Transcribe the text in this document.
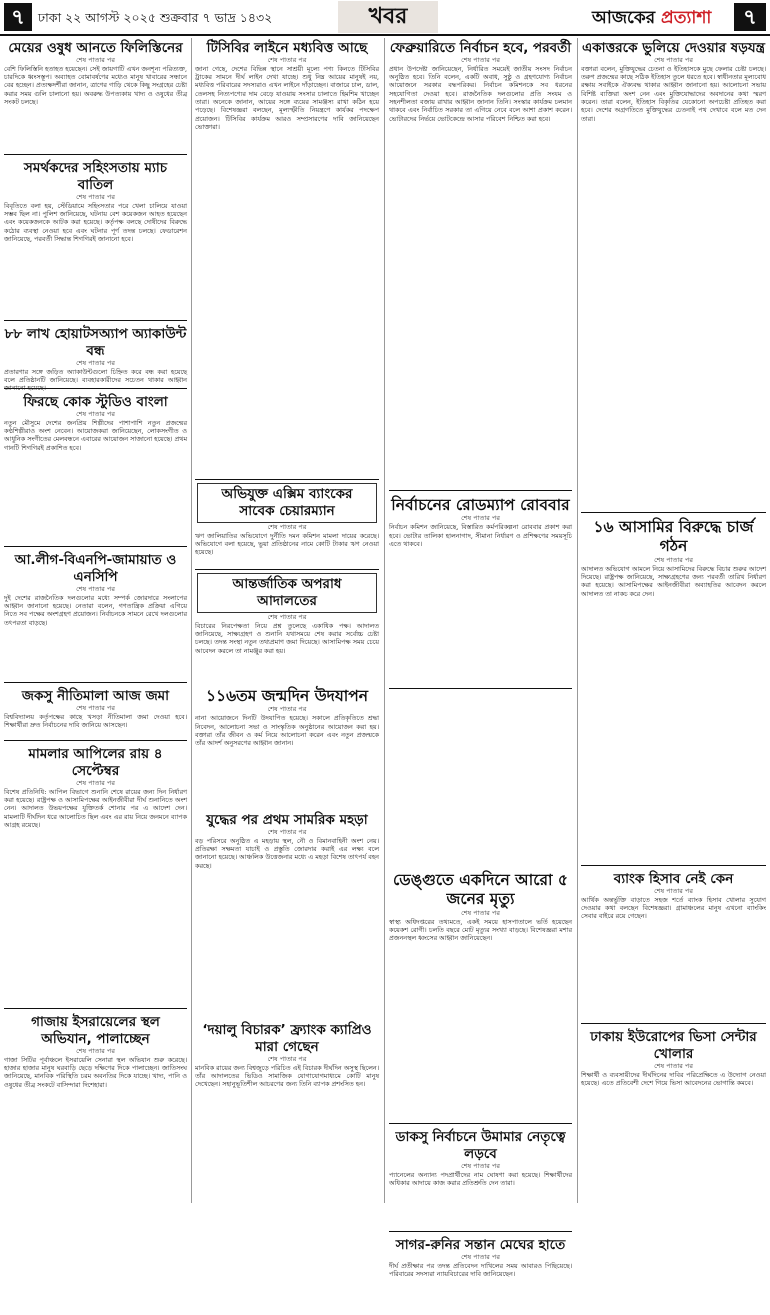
৭	ঢাকা ২২ আগস্ট ২০২৫ শুক্রবার ৭ ভাদ্র ১৪৩২	খবর	আজকের প্রত্যাশা	৭
মেয়ের ওষুধ আনতে ফিলিস্তিনের
শেষ পাতার পর
বেশি ফিলিস্তিনি হতাহত হয়েছেন। সেই জায়গাটি এখন জনশূন্য পরিত্যক্ত, চারদিকে ধ্বংসস্তূপ। অব্যাহত বোমাবর্ষণের মধ্যেও মানুষ খাবারের সন্ধানে বের হচ্ছেন। প্রত্যক্ষদর্শীরা জানান, ত্রাণের গাড়ি থেকে কিছু সংগ্রহের চেষ্টা করার সময় গুলি চালানো হয়। অবরুদ্ধ উপত্যকায় খাদ্য ও ওষুধের তীব্র সংকট চলছে।
সমর্থকদের সহিংসতায় ম্যাচ বাতিল
শেষ পাতার পর
বিবৃতিতে বলা হয়, স্টেডিয়ামে সহিংসতার পরে খেলা চালিয়ে যাওয়া সম্ভব ছিল না। পুলিশ জানিয়েছে, ঘটনায় বেশ কয়েকজন আহত হয়েছেন এবং কয়েকজনকে আটক করা হয়েছে। কর্তৃপক্ষ বলছে দোষীদের বিরুদ্ধে কঠোর ব্যবস্থা নেওয়া হবে এবং ঘটনার পূর্ণ তদন্ত চলছে। ফেডারেশন জানিয়েছে, পরবর্তী সিদ্ধান্ত শিগগিরই জানানো হবে।
৮৮ লাখ হোয়াটসঅ্যাপ অ্যাকাউন্ট বন্ধ
শেষ পাতার পর
প্রতারণার সঙ্গে জড়িত অ্যাকাউন্টগুলো চিহ্নিত করে বন্ধ করা হয়েছে বলে প্রতিষ্ঠানটি জানিয়েছে। ব্যবহারকারীদের সচেতন থাকার আহ্বান জানানো হয়েছে।
ফিরছে কোক স্টুডিও বাংলা
শেষ পাতার পর
নতুন মৌসুমে দেশের জনপ্রিয় শিল্পীদের পাশাপাশি নতুন প্রজন্মের কণ্ঠশিল্পীরাও অংশ নেবেন। আয়োজকরা জানিয়েছেন, লোকসংগীত ও আধুনিক সংগীতের মেলবন্ধনে এবারের আয়োজন সাজানো হয়েছে। প্রথম গানটি শিগগিরই প্রকাশিত হবে।
আ.লীগ-বিএনপি-জামায়াত ও এনসিপি
শেষ পাতার পর
দুই দেশের রাজনৈতিক দলগুলোর মধ্যে সম্পর্ক জোরদারে সংলাপের আহ্বান জানানো হয়েছে। নেতারা বলেন, গণতান্ত্রিক প্রক্রিয়া এগিয়ে নিতে সব পক্ষের অংশগ্রহণ প্রয়োজন। নির্বাচনকে সামনে রেখে দলগুলোর তৎপরতা বাড়ছে।
জকসু নীতিমালা আজ জমা
শেষ পাতার পর
বিশ্ববিদ্যালয় কর্তৃপক্ষের কাছে খসড়া নীতিমালা জমা দেওয়া হবে। শিক্ষার্থীরা দ্রুত নির্বাচনের দাবি জানিয়ে আসছেন।
মামলার আপিলের রায় ৪ সেপ্টেম্বর
শেষ পাতার পর
বিশেষ প্রতিনিধি: আপিল বিভাগে শুনানি শেষে রায়ের জন্য দিন নির্ধারণ করা হয়েছে। রাষ্ট্রপক্ষ ও আসামিপক্ষের আইনজীবীরা দীর্ঘ শুনানিতে অংশ নেন। আদালত উভয়পক্ষের যুক্তিতর্ক শোনার পর এ আদেশ দেন। মামলাটি দীর্ঘদিন ধরে আলোচিত ছিল এবং এর রায় নিয়ে জনমনে ব্যাপক আগ্রহ রয়েছে।
গাজায় ইসরায়েলের স্থল অভিযান, পালাচ্ছেন
শেষ পাতার পর
গাজা সিটির পূর্বাঞ্চলে ইসরায়েলি সেনারা স্থল অভিযান শুরু করেছে। হাজার হাজার মানুষ ঘরবাড়ি ছেড়ে দক্ষিণের দিকে পালাচ্ছেন। জাতিসংঘ জানিয়েছে, মানবিক পরিস্থিতি চরম অবনতির দিকে যাচ্ছে। খাদ্য, পানি ও ওষুধের তীব্র সংকটে বাসিন্দারা দিশেহারা।
টিসিবির লাইনে মধ্যবিত্ত আছে
শেষ পাতার পর
জানা গেছে, দেশের বিভিন্ন স্থানে সাশ্রয়ী মূল্যে পণ্য কিনতে টিসিবির ট্রাকের সামনে দীর্ঘ লাইন দেখা যাচ্ছে। শুধু নিম্ন আয়ের মানুষই নয়, মধ্যবিত্ত পরিবারের সদস্যরাও এখন লাইনে দাঁড়াচ্ছেন। বাজারে চাল, ডাল, তেলসহ নিত্যপণ্যের দাম বেড়ে যাওয়ায় সংসার চালাতে হিমশিম খাচ্ছেন তারা। অনেকে জানান, আয়ের সঙ্গে ব্যয়ের সামঞ্জস্য রাখা কঠিন হয়ে পড়েছে। বিশেষজ্ঞরা বলছেন, মূল্যস্ফীতি নিয়ন্ত্রণে কার্যকর পদক্ষেপ প্রয়োজন। টিসিবির কার্যক্রম আরও সম্প্রসারণের দাবি জানিয়েছেন ভোক্তারা।
অভিযুক্ত এক্সিম ব্যাংকের সাবেক চেয়ারম্যান
শেষ পাতার পর
ঋণ জালিয়াতির অভিযোগে দুর্নীতি দমন কমিশন মামলা দায়ের করেছে। অভিযোগে বলা হয়েছে, ভুয়া প্রতিষ্ঠানের নামে কোটি টাকার ঋণ নেওয়া হয়েছে।
আন্তর্জাতিক অপরাধ আদালতের
শেষ পাতার পর
বিচারের নিরপেক্ষতা নিয়ে প্রশ্ন তুলেছে একাধিক পক্ষ। আদালত জানিয়েছে, সাক্ষ্যগ্রহণ ও শুনানি যথাসময়ে শেষ করার সর্বোচ্চ চেষ্টা চলছে। তদন্ত সংস্থা নতুন তথ্যপ্রমাণ জমা দিয়েছে। আসামিপক্ষ সময় চেয়ে আবেদন করলে তা নামঞ্জুর করা হয়।
ফেব্রুয়ারিতে নির্বাচন হবে, পরবর্তী
শেষ পাতার পর
প্রধান উপদেষ্টা জানিয়েছেন, নির্ধারিত সময়েই জাতীয় সংসদ নির্বাচন অনুষ্ঠিত হবে। তিনি বলেন, একটি অবাধ, সুষ্ঠু ও গ্রহণযোগ্য নির্বাচন আয়োজনে সরকার বদ্ধপরিকর। নির্বাচন কমিশনকে সব ধরনের সহযোগিতা দেওয়া হবে। রাজনৈতিক দলগুলোর প্রতি সংযম ও সহনশীলতা বজায় রাখার আহ্বান জানান তিনি। সংস্কার কার্যক্রম চলমান থাকবে এবং নির্বাচিত সরকার তা এগিয়ে নেবে বলে আশা প্রকাশ করেন। ভোটারদের নির্ভয়ে ভোটকেন্দ্রে আসার পরিবেশ নিশ্চিত করা হবে।
নির্বাচনের রোডম্যাপ রোববার
শেষ পাতার পর
নির্বাচন কমিশন জানিয়েছে, বিস্তারিত কর্মপরিকল্পনা রোববার প্রকাশ করা হবে। ভোটার তালিকা হালনাগাদ, সীমানা নির্ধারণ ও প্রশিক্ষণের সময়সূচি এতে থাকবে।
ডেঙ্গুতে একদিনে আরো ৫ জনের মৃত্যু
শেষ পাতার পর
স্বাস্থ্য অধিদপ্তরের তথ্যমতে, একই সময়ে হাসপাতালে ভর্তি হয়েছেন কয়েকশ রোগী। চলতি বছরে মোট মৃত্যুর সংখ্যা বাড়ছে। বিশেষজ্ঞরা মশার প্রজননস্থল ধ্বংসের আহ্বান জানিয়েছেন।
ডাকসু নির্বাচনে উমামার নেতৃত্বে লড়বে
শেষ পাতার পর
প্যানেলের অন্যান্য পদপ্রার্থীদের নাম ঘোষণা করা হয়েছে। শিক্ষার্থীদের অধিকার আদায়ে কাজ করার প্রতিশ্রুতি দেন তারা।
সাগর-রুনির সন্তান মেঘের হাতে
শেষ পাতার পর
দীর্ঘ প্রতীক্ষার পর তদন্ত প্রতিবেদন দাখিলের সময় আবারও পিছিয়েছে। পরিবারের সদস্যরা ন্যায়বিচারের দাবি জানিয়েছেন।
১১৬তম জন্মদিন উদযাপন
শেষ পাতার পর
নানা আয়োজনে দিনটি উদযাপিত হয়েছে। সকালে প্রতিকৃতিতে শ্রদ্ধা নিবেদন, আলোচনা সভা ও সাংস্কৃতিক অনুষ্ঠানের আয়োজন করা হয়। বক্তারা তাঁর জীবন ও কর্ম নিয়ে আলোচনা করেন এবং নতুন প্রজন্মকে তাঁর আদর্শ অনুসরণের আহ্বান জানান।
যুদ্ধের পর প্রথম সামরিক মহড়া
শেষ পাতার পর
বড় পরিসরে অনুষ্ঠিত এ মহড়ায় স্থল, নৌ ও বিমানবাহিনী অংশ নেয়। প্রতিরক্ষা সক্ষমতা যাচাই ও প্রস্তুতি জোরদার করাই এর লক্ষ্য বলে জানানো হয়েছে। আঞ্চলিক উত্তেজনার মধ্যে এ মহড়া বিশেষ তাৎপর্য বহন করছে।
‘দয়ালু বিচারক’ ফ্র্যাংক ক্যাপ্রিও মারা গেছেন
শেষ পাতার পর
মানবিক রায়ের জন্য বিশ্বজুড়ে পরিচিত এই বিচারক দীর্ঘদিন অসুস্থ ছিলেন। তাঁর আদালতের ভিডিও সামাজিক যোগাযোগমাধ্যমে কোটি মানুষ দেখেছেন। সহানুভূতিশীল আচরণের জন্য তিনি ব্যাপক প্রশংসিত হন।
একাত্তরকে ভুলিয়ে দেওয়ার ষড়যন্ত্র
শেষ পাতার পর
বক্তারা বলেন, মুক্তিযুদ্ধের চেতনা ও ইতিহাসকে মুছে ফেলার চেষ্টা চলছে। তরুণ প্রজন্মের কাছে সঠিক ইতিহাস তুলে ধরতে হবে। স্বাধীনতার মূল্যবোধ রক্ষায় সবাইকে ঐক্যবদ্ধ থাকার আহ্বান জানানো হয়। আলোচনা সভায় বিশিষ্ট ব্যক্তিরা অংশ নেন এবং মুক্তিযোদ্ধাদের অবদানের কথা স্মরণ করেন। তারা বলেন, ইতিহাস বিকৃতির যেকোনো অপচেষ্টা প্রতিহত করা হবে। দেশের অগ্রগতিতে মুক্তিযুদ্ধের চেতনাই পথ দেখাবে বলে মত দেন তারা।
১৬ আসামির বিরুদ্ধে চার্জ গঠন
শেষ পাতার পর
আদালত অভিযোগ আমলে নিয়ে আসামিদের বিরুদ্ধে বিচার শুরুর আদেশ দিয়েছে। রাষ্ট্রপক্ষ জানিয়েছে, সাক্ষ্যগ্রহণের জন্য পরবর্তী তারিখ নির্ধারণ করা হয়েছে। আসামিপক্ষের আইনজীবীরা অব্যাহতির আবেদন করলে আদালত তা নাকচ করে দেন।
ব্যাংক হিসাব নেই কেন
শেষ পাতার পর
আর্থিক অন্তর্ভুক্তি বাড়াতে সহজ শর্তে ব্যাংক হিসাব খোলার সুযোগ দেওয়ার কথা বলছেন বিশেষজ্ঞরা। গ্রামাঞ্চলের মানুষ এখনো ব্যাংকিং সেবার বাইরে রয়ে গেছেন।
ঢাকায় ইউরোপের ভিসা সেন্টার খোলার
শেষ পাতার পর
শিক্ষার্থী ও ব্যবসায়ীদের দীর্ঘদিনের দাবির পরিপ্রেক্ষিতে এ উদ্যোগ নেওয়া হয়েছে। এতে প্রতিবেশী দেশে গিয়ে ভিসা আবেদনের ভোগান্তি কমবে।
